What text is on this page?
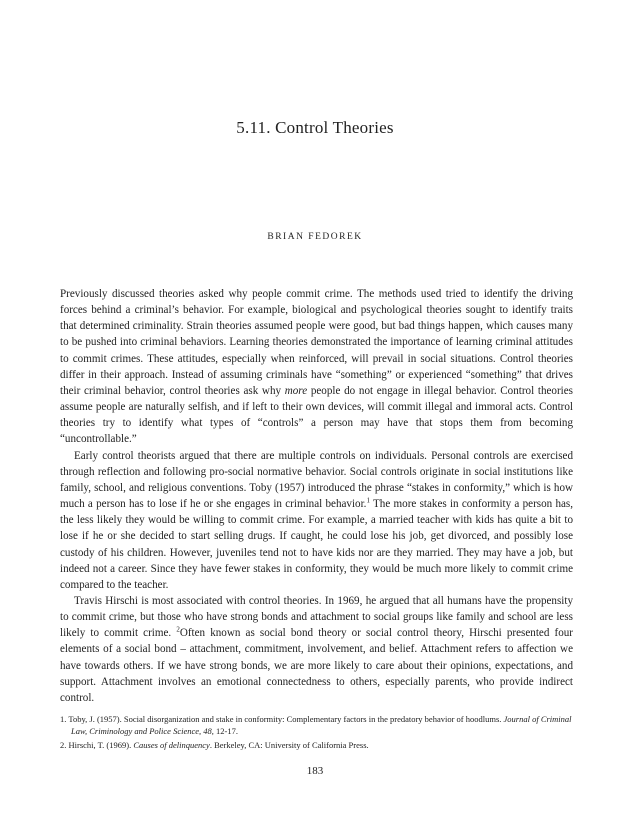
5.11. Control Theories
BRIAN FEDOREK

Previously discussed theories asked why people commit crime. The methods used tried to identify the driving forces behind a criminal’s behavior. For example, biological and psychological theories sought to identify traits that determined criminality. Strain theories assumed people were good, but bad things happen, which causes many to be pushed into criminal behaviors. Learning theories demonstrated the importance of learning criminal attitudes to commit crimes. These attitudes, especially when reinforced, will prevail in social situations. Control theories differ in their approach. Instead of assuming criminals have “something” or experienced “something” that drives their criminal behavior, control theories ask why more people do not engage in illegal behavior. Control theories assume people are naturally selfish, and if left to their own devices, will commit illegal and immoral acts. Control theories try to identify what types of “controls” a person may have that stops them from becoming “uncontrollable.”

Early control theorists argued that there are multiple controls on individuals. Personal controls are exercised through reflection and following pro-social normative behavior. Social controls originate in social institutions like family, school, and religious conventions. Toby (1957) introduced the phrase “stakes in conformity,” which is how much a person has to lose if he or she engages in criminal behavior.$^1$ The more stakes in conformity a person has, the less likely they would be willing to commit crime. For example, a married teacher with kids has quite a bit to lose if he or she decided to start selling drugs. If caught, he could lose his job, get divorced, and possibly lose custody of his children. However, juveniles tend not to have kids nor are they married. They may have a job, but indeed not a career. Since they have fewer stakes in conformity, they would be much more likely to commit crime compared to the teacher.

Travis Hirschi is most associated with control theories. In 1969, he argued that all humans have the propensity to commit crime, but those who have strong bonds and attachment to social groups like family and school are less likely to commit crime. $^2$Often known as social bond theory or social control theory, Hirschi presented four elements of a social bond – attachment, commitment, involvement, and belief. Attachment refers to affection we have towards others. If we have strong bonds, we are more likely to care about their opinions, expectations, and support. Attachment involves an emotional connectedness to others, especially parents, who provide indirect control.

1. Toby, J. (1957). Social disorganization and stake in conformity: Complementary factors in the predatory behavior of hoodlums. Journal of Criminal Law, Criminology and Police Science, 48, 12-17.
2. Hirschi, T. (1969). Causes of delinquency. Berkeley, CA: University of California Press.
183
